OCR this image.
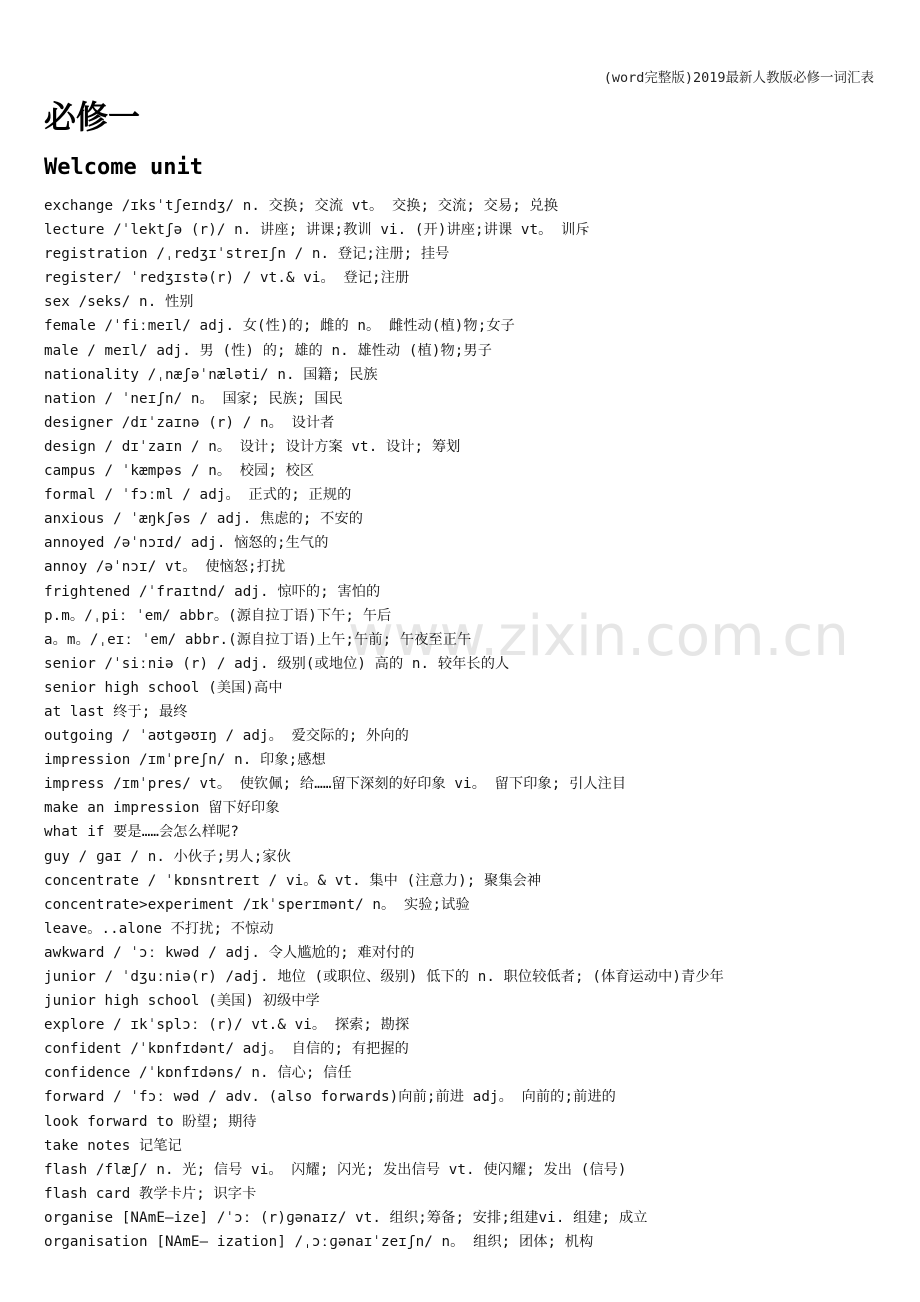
(word完整版)2019最新人教版必修一词汇表
www.zixin.com.cn
必修一
Welcome unit
exchange /ɪksˈtʃeɪndʒ/ n. 交换; 交流 vt。 交换; 交流; 交易; 兑换
lecture /ˈlektʃə (r)/ n. 讲座; 讲课;教训 vi. (开)讲座;讲课 vt。 训斥
registration /ˌredʒɪˈstreɪʃn / n. 登记;注册; 挂号
register/ ˈredʒɪstə(r) / vt.& vi。 登记;注册
sex /seks/ n. 性别
female /ˈfiːmeɪl/ adj. 女(性)的; 雌的 n。 雌性动(植)物;女子
male / meɪl/ adj. 男 (性) 的; 雄的 n. 雄性动 (植)物;男子
nationality /ˌnæʃəˈnæləti/ n. 国籍; 民族
nation / ˈneɪʃn/ n。 国家; 民族; 国民
designer /dɪˈzaɪnə (r) / n。 设计者
design / dɪˈzaɪn / n。 设计; 设计方案 vt. 设计; 筹划
campus / ˈkæmpəs / n。 校园; 校区
formal / ˈfɔːml / adj。 正式的; 正规的
anxious / ˈæŋkʃəs / adj. 焦虑的; 不安的
annoyed /əˈnɔɪd/ adj. 恼怒的;生气的
annoy /əˈnɔɪ/ vt。 使恼怒;打扰
frightened /ˈfraɪtnd/ adj. 惊吓的; 害怕的
p.m。/ˌpiː ˈem/ abbr。(源自拉丁语)下午; 午后
a。m。/ˌeɪː ˈem/ abbr.(源自拉丁语)上午;午前; 午夜至正午
senior /ˈsiːniə (r) / adj. 级别(或地位) 高的 n. 较年长的人
senior high school (美国)高中
at last 终于; 最终
outgoing / ˈaʊtɡəʊɪŋ / adj。 爱交际的; 外向的
impression /ɪmˈpreʃn/ n. 印象;感想
impress /ɪmˈpres/ vt。 使钦佩; 给……留下深刻的好印象 vi。 留下印象; 引人注目
make an impression 留下好印象
what if 要是……会怎么样呢?
guy / ɡaɪ / n. 小伙子;男人;家伙
concentrate / ˈkɒnsntreɪt / vi。& vt. 集中 (注意力); 聚集会神
concentrate>experiment /ɪkˈsperɪmənt/ n。 实验;试验
leave。..alone 不打扰; 不惊动
awkward / ˈɔː kwəd / adj. 令人尴尬的; 难对付的
junior / ˈdʒuːniə(r) /adj. 地位 (或职位、级别) 低下的 n. 职位较低者; (体育运动中)青少年
junior high school (美国) 初级中学
explore / ɪkˈsplɔː (r)/ vt.& vi。 探索; 勘探
confident /ˈkɒnfɪdənt/ adj。 自信的; 有把握的
confidence /ˈkɒnfɪdəns/ n. 信心; 信任
forward / ˈfɔː wəd / adv. (also forwards)向前;前进 adj。 向前的;前进的
look forward to 盼望; 期待
take notes 记笔记
flash /flæʃ/ n. 光; 信号 vi。 闪耀; 闪光; 发出信号 vt. 使闪耀; 发出 (信号)
flash card 教学卡片; 识字卡
organise [NAmE—ize] /ˈɔː (r)ɡənaɪz/ vt. 组织;筹备; 安排;组建vi. 组建; 成立
organisation [NAmE— ization] /ˌɔːɡənaɪˈzeɪʃn/ n。 组织; 团体; 机构
